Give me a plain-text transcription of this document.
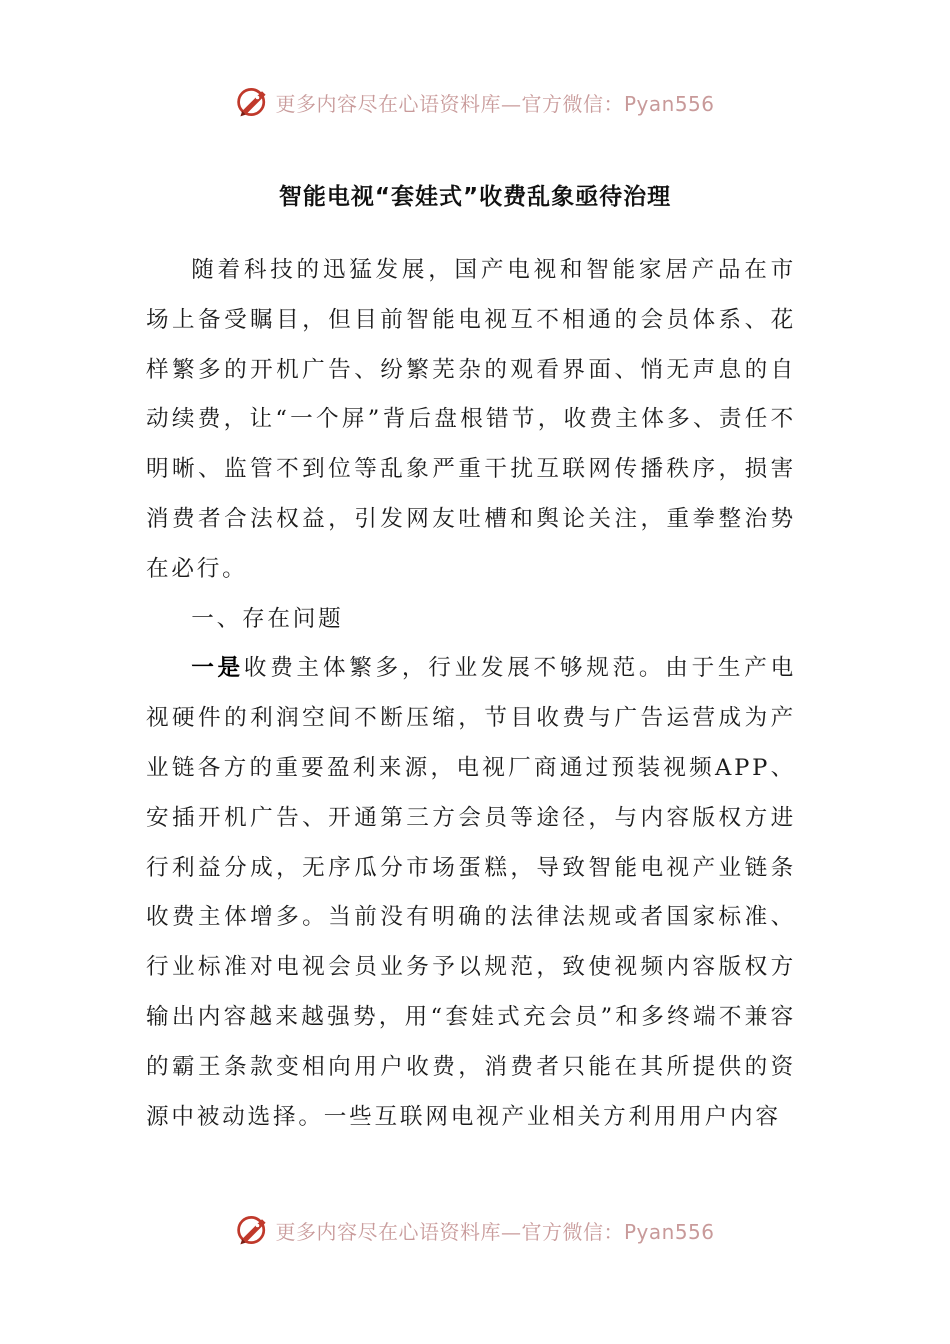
更多内容尽在心语资料库—官方微信：Pyan556
智能电视“套娃式”收费乱象亟待治理

随着科技的迅猛发展，国产电视和智能家居产品在市场上备受瞩目，但目前智能电视互不相通的会员体系、花样繁多的开机广告、纷繁芜杂的观看界面、悄无声息的自动续费，让“一个屏”背后盘根错节，收费主体多、责任不明晰、监管不到位等乱象严重干扰互联网传播秩序，损害消费者合法权益，引发网友吐槽和舆论关注，重拳整治势在必行。

一、存在问题

一是收费主体繁多，行业发展不够规范。由于生产电视硬件的利润空间不断压缩，节目收费与广告运营成为产业链各方的重要盈利来源，电视厂商通过预装视频APP、安插开机广告、开通第三方会员等途径，与内容版权方进行利益分成，无序瓜分市场蛋糕，导致智能电视产业链条收费主体增多。当前没有明确的法律法规或者国家标准、行业标准对电视会员业务予以规范，致使视频内容版权方输出内容越来越强势，用“套娃式充会员”和多终端不兼容的霸王条款变相向用户收费，消费者只能在其所提供的资源中被动选择。一些互联网电视产业相关方利用用户内容

更多内容尽在心语资料库—官方微信：Pyan556
